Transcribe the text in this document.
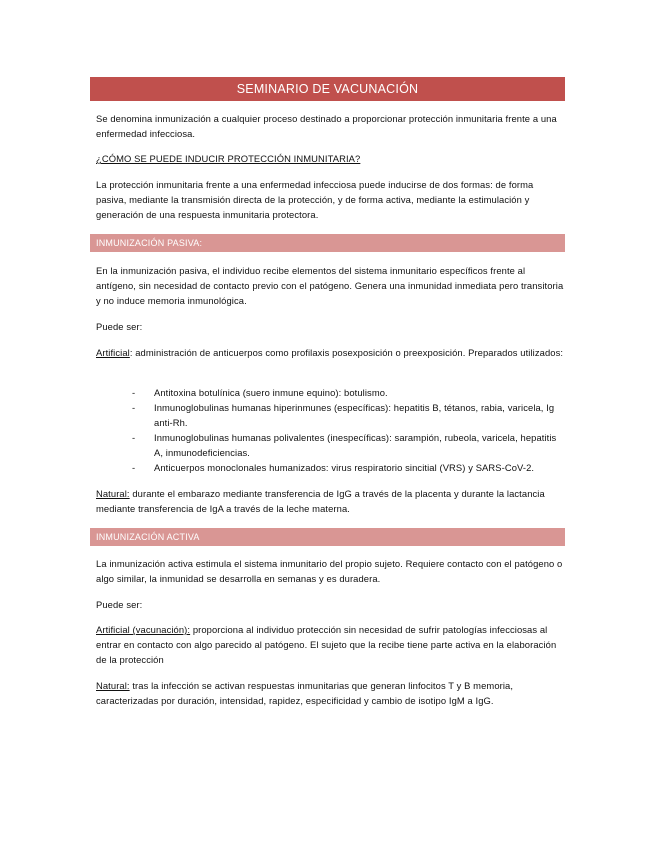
SEMINARIO DE VACUNACIÓN

Se denomina inmunización a cualquier proceso destinado a proporcionar protección inmunitaria frente a una enfermedad infecciosa.

¿CÓMO SE PUEDE INDUCIR PROTECCIÓN INMUNITARIA?

La protección inmunitaria frente a una enfermedad infecciosa puede inducirse de dos formas: de forma pasiva, mediante la transmisión directa de la protección, y de forma activa, mediante la estimulación y generación de una respuesta inmunitaria protectora.

INMUNIZACIÓN PASIVA:

En la inmunización pasiva, el individuo recibe elementos del sistema inmunitario específicos frente al antígeno, sin necesidad de contacto previo con el patógeno. Genera una inmunidad inmediata pero transitoria y no induce memoria inmunológica.

Puede ser:

Artificial: administración de anticuerpos como profilaxis posexposición o preexposición. Preparados utilizados:

- Antitoxina botulínica (suero inmune equino): botulismo.
- Inmunoglobulinas humanas hiperinmunes (específicas): hepatitis B, tétanos, rabia, varicela, Ig anti-Rh.
- Inmunoglobulinas humanas polivalentes (inespecíficas): sarampión, rubeola, varicela, hepatitis A, inmunodeficiencias.
- Anticuerpos monoclonales humanizados: virus respiratorio sincitial (VRS) y SARS-CoV-2.

Natural: durante el embarazo mediante transferencia de IgG a través de la placenta y durante la lactancia mediante transferencia de IgA a través de la leche materna.

INMUNIZACIÓN ACTIVA

La inmunización activa estimula el sistema inmunitario del propio sujeto. Requiere contacto con el patógeno o algo similar, la inmunidad se desarrolla en semanas y es duradera.

Puede ser:

Artificial (vacunación): proporciona al individuo protección sin necesidad de sufrir patologías infecciosas al entrar en contacto con algo parecido al patógeno. El sujeto que la recibe tiene parte activa en la elaboración de la protección

Natural: tras la infección se activan respuestas inmunitarias que generan linfocitos T y B memoria, caracterizadas por duración, intensidad, rapidez, especificidad y cambio de isotipo IgM a IgG.
